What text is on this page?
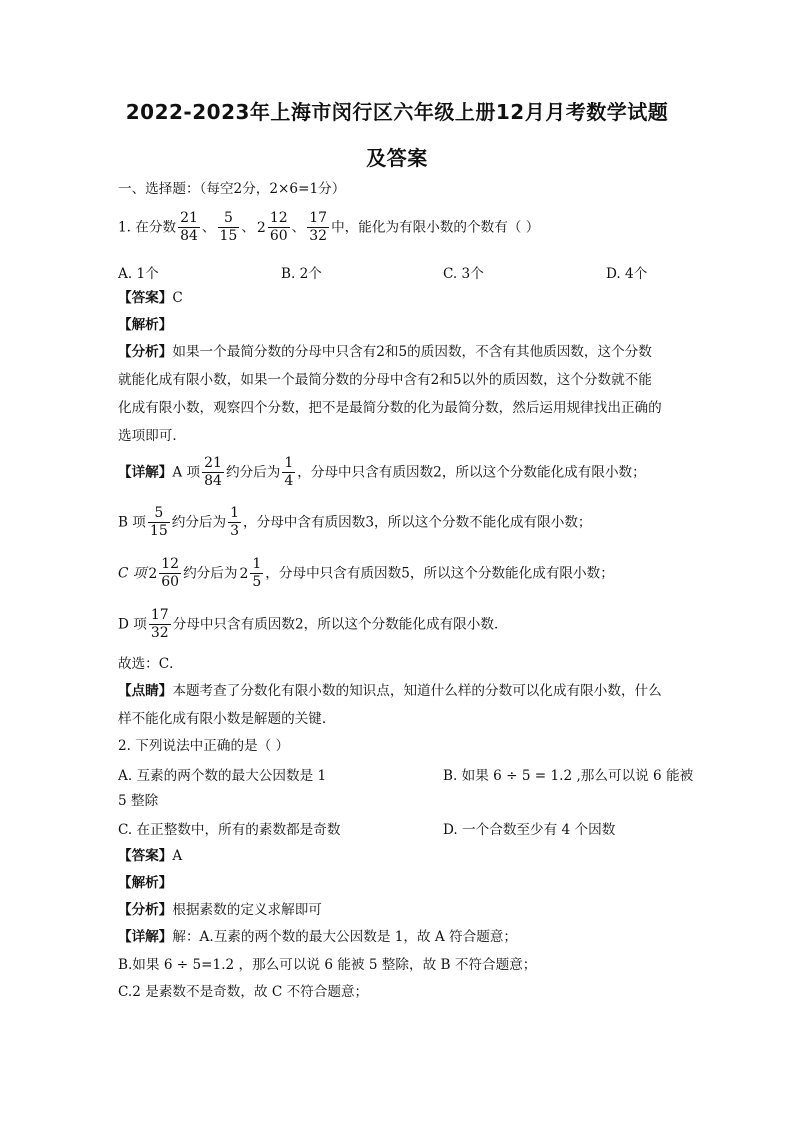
2022-2023年上海市闵行区六年级上册12月月考数学试题
及答案
一、选择题：（每空2分，2×6=1分）
1. 在分数 $\frac{21}{84}$ 、 $\frac{5}{15}$ 、 $2 \frac{12}{60}$ 、 $\frac{17}{32}$ 中，能化为有限小数的个数有（ ）
A. 1个	B. 2个	C. 3个	D. 4个
【答案】C
【解析】
【分析】如果一个最简分数的分母中只含有2和5的质因数，不含有其他质因数，这个分数
就能化成有限小数，如果一个最简分数的分母中含有2和5以外的质因数，这个分数就不能
化成有限小数，观察四个分数，把不是最简分数的化为最简分数，然后运用规律找出正确的
选项即可．
【详解】A 项 $\frac{21}{84}$ 约分后为 $\frac{1}{4}$ ，分母中只含有质因数2，所以这个分数能化成有限小数；
B 项 $\frac{5}{15}$ 约分后为 $\frac{1}{3}$ ，分母中含有质因数3，所以这个分数不能化成有限小数；
C 项 $2 \frac{12}{60}$ 约分后为 $2 \frac{1}{5}$ ，分母中只含有质因数5，所以这个分数能化成有限小数；
D 项 $\frac{17}{32}$ 分母中只含有质因数2，所以这个分数能化成有限小数．
故选：C．
【点睛】本题考查了分数化有限小数的知识点，知道什么样的分数可以化成有限小数，什么
样不能化成有限小数是解题的关键．
2. 下列说法中正确的是（ ）
A. 互素的两个数的最大公因数是 1	B. 如果 6 ÷ 5 = 1.2 ,那么可以说 6 能被
5 整除
C. 在正整数中，所有的素数都是奇数	D. 一个合数至少有 4 个因数
【答案】A
【解析】
【分析】根据素数的定义求解即可
【详解】解：A.互素的两个数的最大公因数是 1，故 A 符合题意；
B.如果 6 ÷ 5=1.2 ，那么可以说 6 能被 5 整除，故 B 不符合题意；
C.2 是素数不是奇数，故 C 不符合题意；
